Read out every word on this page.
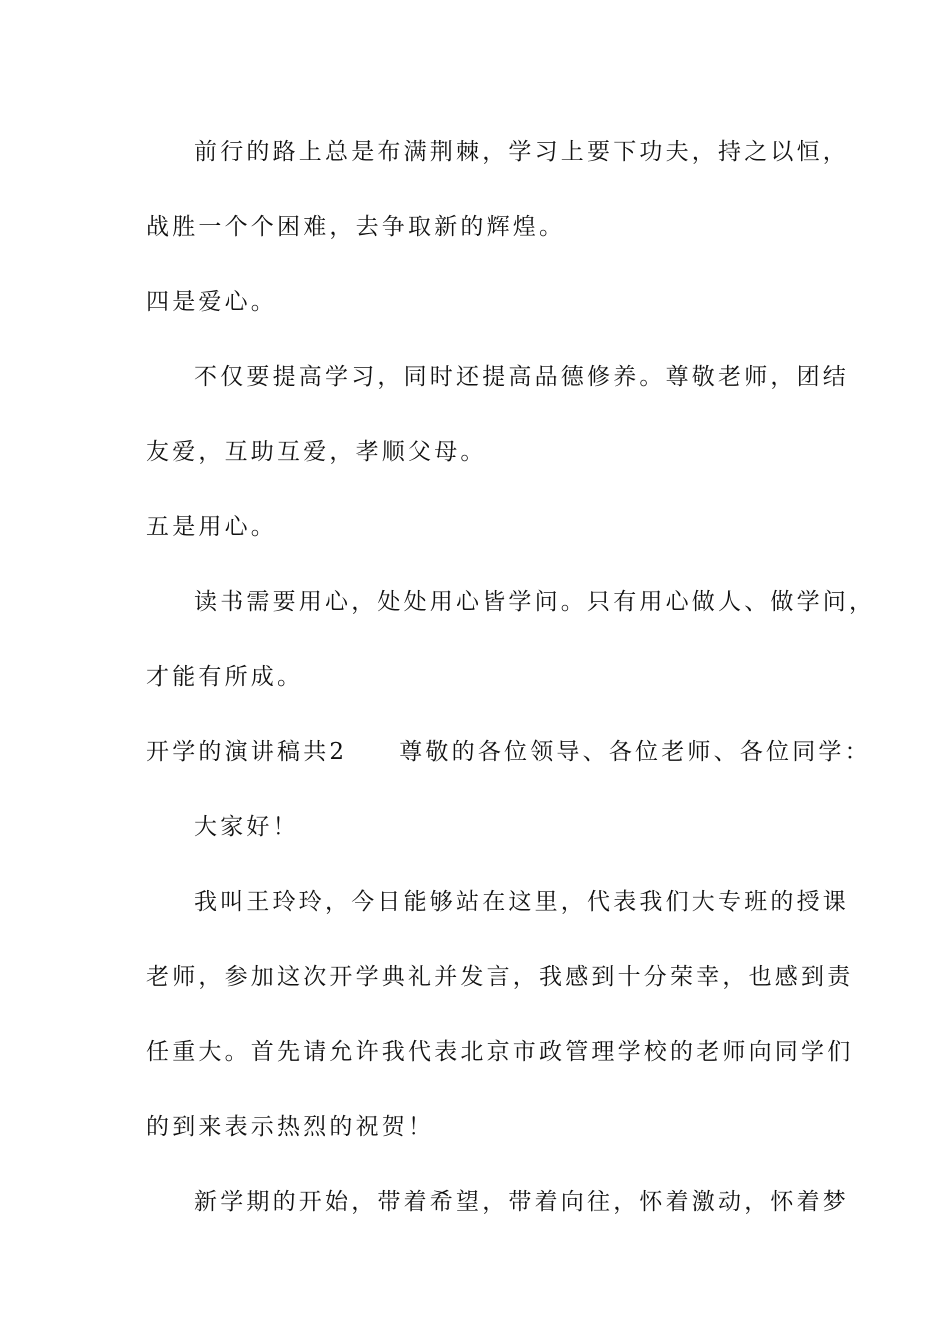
前行的路上总是布满荆棘，学习上要下功夫，持之以恒，
战胜一个个困难，去争取新的辉煌。
四是爱心。
不仅要提高学习，同时还提高品德修养。尊敬老师，团结
友爱，互助互爱，孝顺父母。
五是用心。
读书需要用心，处处用心皆学问。只有用心做人、做学问，
才能有所成。
开学的演讲稿共2 尊敬的各位领导、各位老师、各位同学：
大家好！
我叫王玲玲，今日能够站在这里，代表我们大专班的授课
老师，参加这次开学典礼并发言，我感到十分荣幸，也感到责
任重大。首先请允许我代表北京市政管理学校的老师向同学们
的到来表示热烈的祝贺！
新学期的开始，带着希望，带着向往，怀着激动，怀着梦
